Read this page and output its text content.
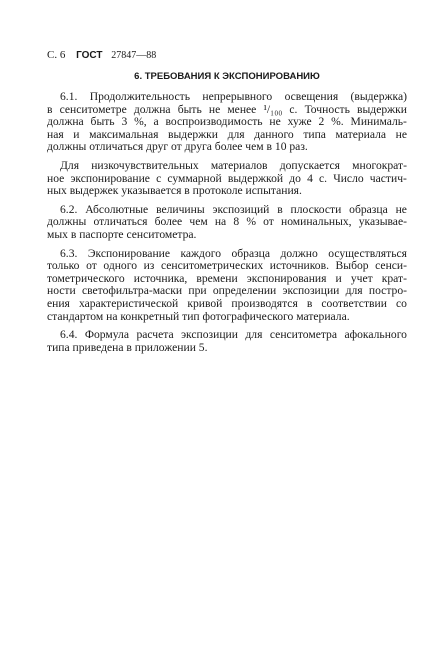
С. 6 ГОСТ 27847—88
6. ТРЕБОВАНИЯ К ЭКСПОНИРОВАНИЮ
6.1. Продолжительность непрерывного освещения (выдержка)
в сенситометре должна быть не менее ¹/₁₀₀ с. Точность выдержки
должна быть 3 %, а воспроизводимость не хуже 2 %. Минималь-
ная и максимальная выдержки для данного типа материала не
должны отличаться друг от друга более чем в 10 раз.
Для низкочувствительных материалов допускается многократ-
ное экспонирование с суммарной выдержкой до 4 с. Число частич-
ных выдержек указывается в протоколе испытания.
6.2. Абсолютные величины экспозиций в плоскости образца не
должны отличаться более чем на 8 % от номинальных, указывае-
мых в паспорте сенситометра.
6.3. Экспонирование каждого образца должно осуществляться
только от одного из сенситометрических источников. Выбор сенси-
тометрического источника, времени экспонирования и учет крат-
ности светофильтра-маски при определении экспозиции для постро-
ения характеристической кривой производятся в соответствии со
стандартом на конкретный тип фотографического материала.
6.4. Формула расчета экспозиции для сенситометра афокального
типа приведена в приложении 5.
